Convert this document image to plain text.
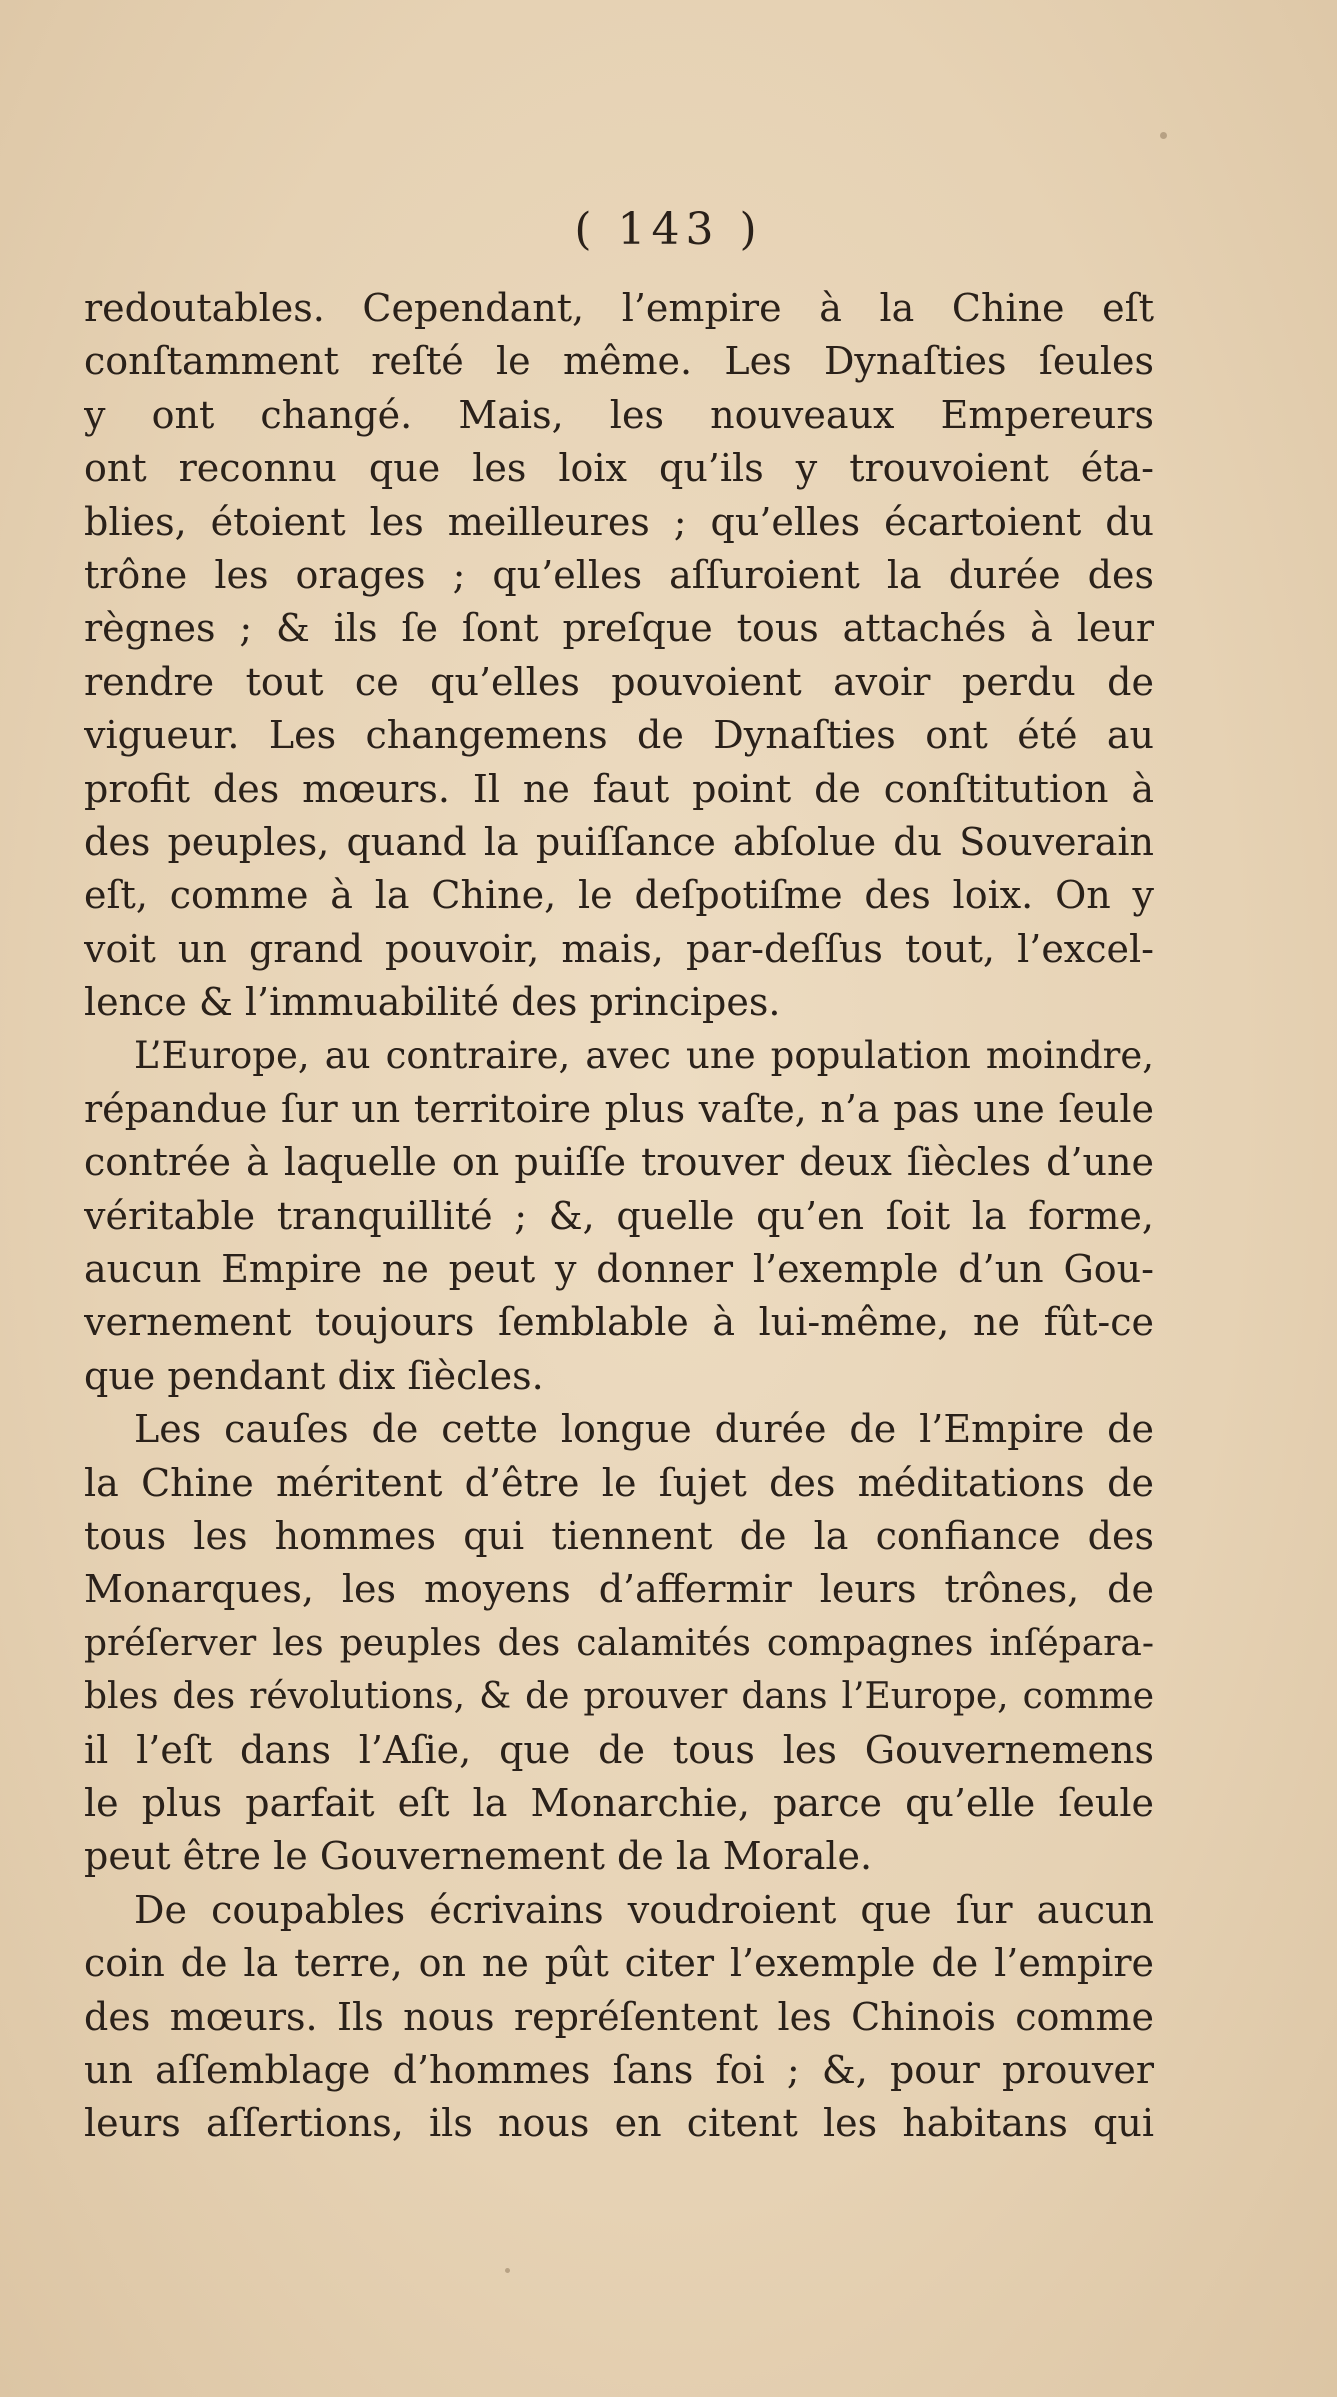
( 143 )
redoutables. Cependant, l’empire à la Chine eſt
conſtamment reſté le même. Les Dynaſties ſeules
y ont changé. Mais, les nouveaux Empereurs
ont reconnu que les loix qu’ils y trouvoient éta-
blies, étoient les meilleures ; qu’elles écartoient du
trône les orages ; qu’elles aſſuroient la durée des
règnes ; & ils ſe ſont preſque tous attachés à leur
rendre tout ce qu’elles pouvoient avoir perdu de
vigueur. Les changemens de Dynaſties ont été au
profit des mœurs. Il ne faut point de conſtitution à
des peuples, quand la puiſſance abſolue du Souverain
eſt, comme à la Chine, le deſpotiſme des loix. On y
voit un grand pouvoir, mais, par-deſſus tout, l’excel-
lence & l’immuabilité des principes.
L’Europe, au contraire, avec une population moindre,
répandue ſur un territoire plus vaſte, n’a pas une ſeule
contrée à laquelle on puiſſe trouver deux ſiècles d’une
véritable tranquillité ; &, quelle qu’en ſoit la forme,
aucun Empire ne peut y donner l’exemple d’un Gou-
vernement toujours ſemblable à lui-même, ne fût-ce
que pendant dix ſiècles.
Les cauſes de cette longue durée de l’Empire de
la Chine méritent d’être le ſujet des méditations de
tous les hommes qui tiennent de la confiance des
Monarques, les moyens d’affermir leurs trônes, de
préſerver les peuples des calamités compagnes inſépara-
bles des révolutions, & de prouver dans l’Europe, comme
il l’eſt dans l’Aſie, que de tous les Gouvernemens
le plus parfait eſt la Monarchie, parce qu’elle ſeule
peut être le Gouvernement de la Morale.
De coupables écrivains voudroient que ſur aucun
coin de la terre, on ne pût citer l’exemple de l’empire
des mœurs. Ils nous repréſentent les Chinois comme
un aſſemblage d’hommes ſans foi ; &, pour prouver
leurs aſſertions, ils nous en citent les habitans qui
